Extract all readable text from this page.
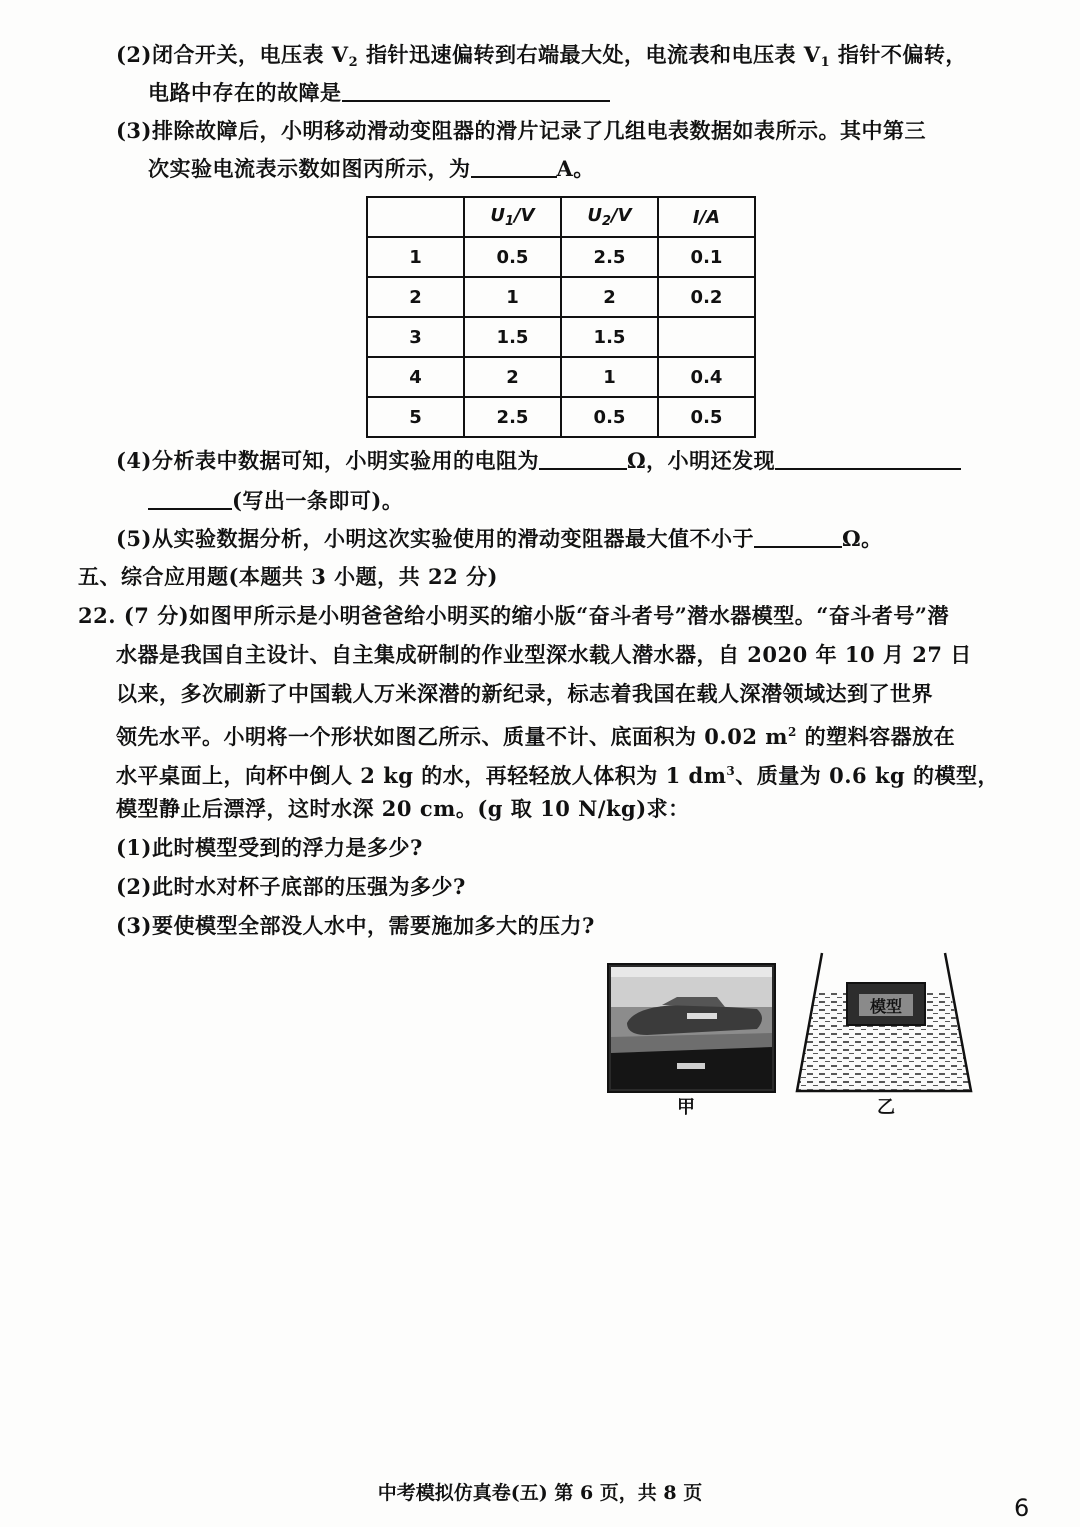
(2)闭合开关，电压表 $V_2$ 指针迅速偏转到右端最大处，电流表和电压表 $V_1$ 指针不偏转，
电路中存在的故障是
(3)排除故障后，小明移动滑动变阻器的滑片记录了几组电表数据如表所示。其中第三
次实验电流表示数如图丙所示，为	A。
	$U_1/V$	$U_2/V$	I/A
1	0.5	2.5	0.1
2	1	2	0.2
3	1.5	1.5	
4	2	1	0.4
5	2.5	0.5	0.5
(4)分析表中数据可知，小明实验用的电阻为	Ω，小明还发现
(写出一条即可)。
(5)从实验数据分析，小明这次实验使用的滑动变阻器最大值不小于	Ω。
五、综合应用题(本题共 3 小题，共 22 分)
22. (7 分)如图甲所示是小明爸爸给小明买的缩小版“奋斗者号”潜水器模型。“奋斗者号”潜
水器是我国自主设计、自主集成研制的作业型深水载人潜水器，自 2020 年 10 月 27 日
以来，多次刷新了中国载人万米深潜的新纪录，标志着我国在载人深潜领域达到了世界
领先水平。小明将一个形状如图乙所示、质量不计、底面积为 0.02 $m^2$ 的塑料容器放在
水平桌面上，向杯中倒人 2 kg 的水，再轻轻放人体积为 1 $dm^3$、质量为 0.6 kg 的模型，
模型静止后漂浮，这时水深 20 cm。(g 取 10 N/kg)求：
(1)此时模型受到的浮力是多少?
(2)此时水对杯子底部的压强为多少?
(3)要使模型全部没人水中，需要施加多大的压力?
甲
模型
乙
中考模拟仿真卷(五) 第 6 页，共 8 页
6
